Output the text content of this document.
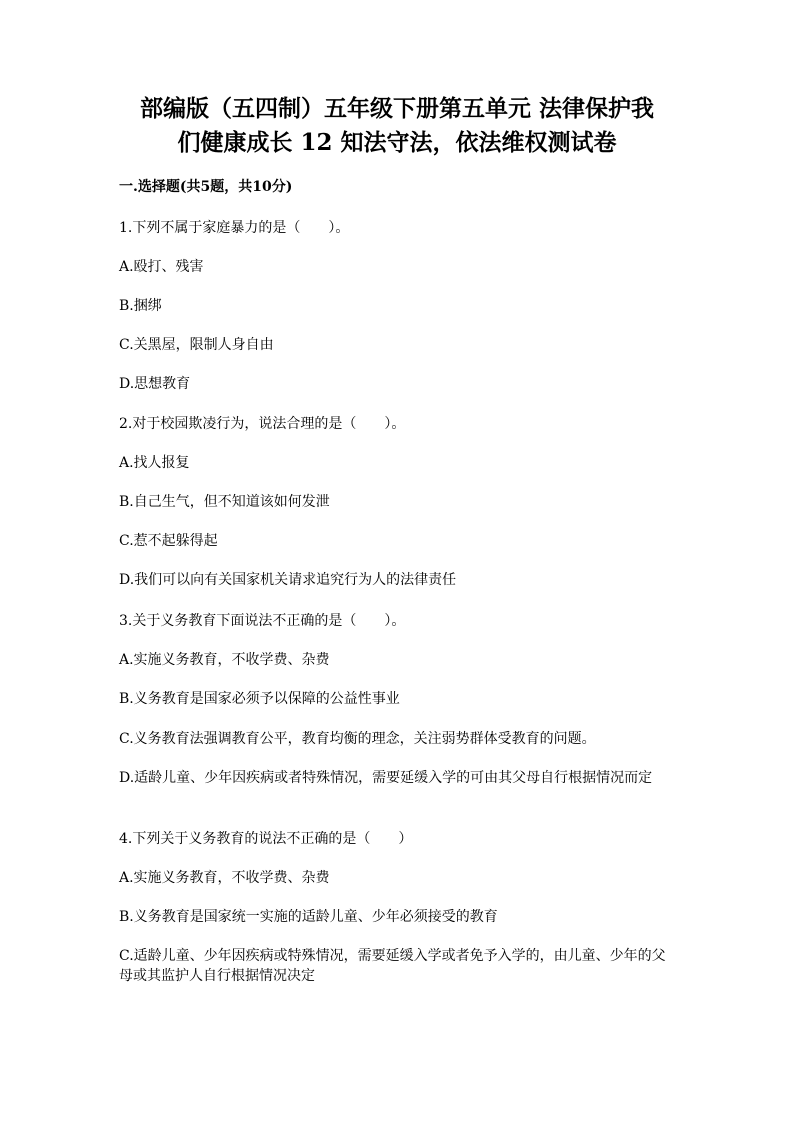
部编版（五四制）五年级下册第五单元 法律保护我
们健康成长 12 知法守法，依法维权测试卷
一.选择题(共5题，共10分)
1.下列不属于家庭暴力的是（　　）。
A.殴打、残害
B.捆绑
C.关黑屋，限制人身自由
D.思想教育
2.对于校园欺凌行为，说法合理的是（　　）。
A.找人报复
B.自己生气，但不知道该如何发泄
C.惹不起躲得起
D.我们可以向有关国家机关请求追究行为人的法律责任
3.关于义务教育下面说法不正确的是（　　）。
A.实施义务教育，不收学费、杂费
B.义务教育是国家必须予以保障的公益性事业
C.义务教育法强调教育公平，教育均衡的理念，关注弱势群体受教育的问题。
D.适龄儿童、少年因疾病或者特殊情况，需要延缓入学的可由其父母自行根据情况而定
4.下列关于义务教育的说法不正确的是（　　）
A.实施义务教育，不收学费、杂费
B.义务教育是国家统一实施的适龄儿童、少年必须接受的教育
C.适龄儿童、少年因疾病或特殊情况，需要延缓入学或者免予入学的，由儿童、少年的父母或其监护人自行根据情况决定
